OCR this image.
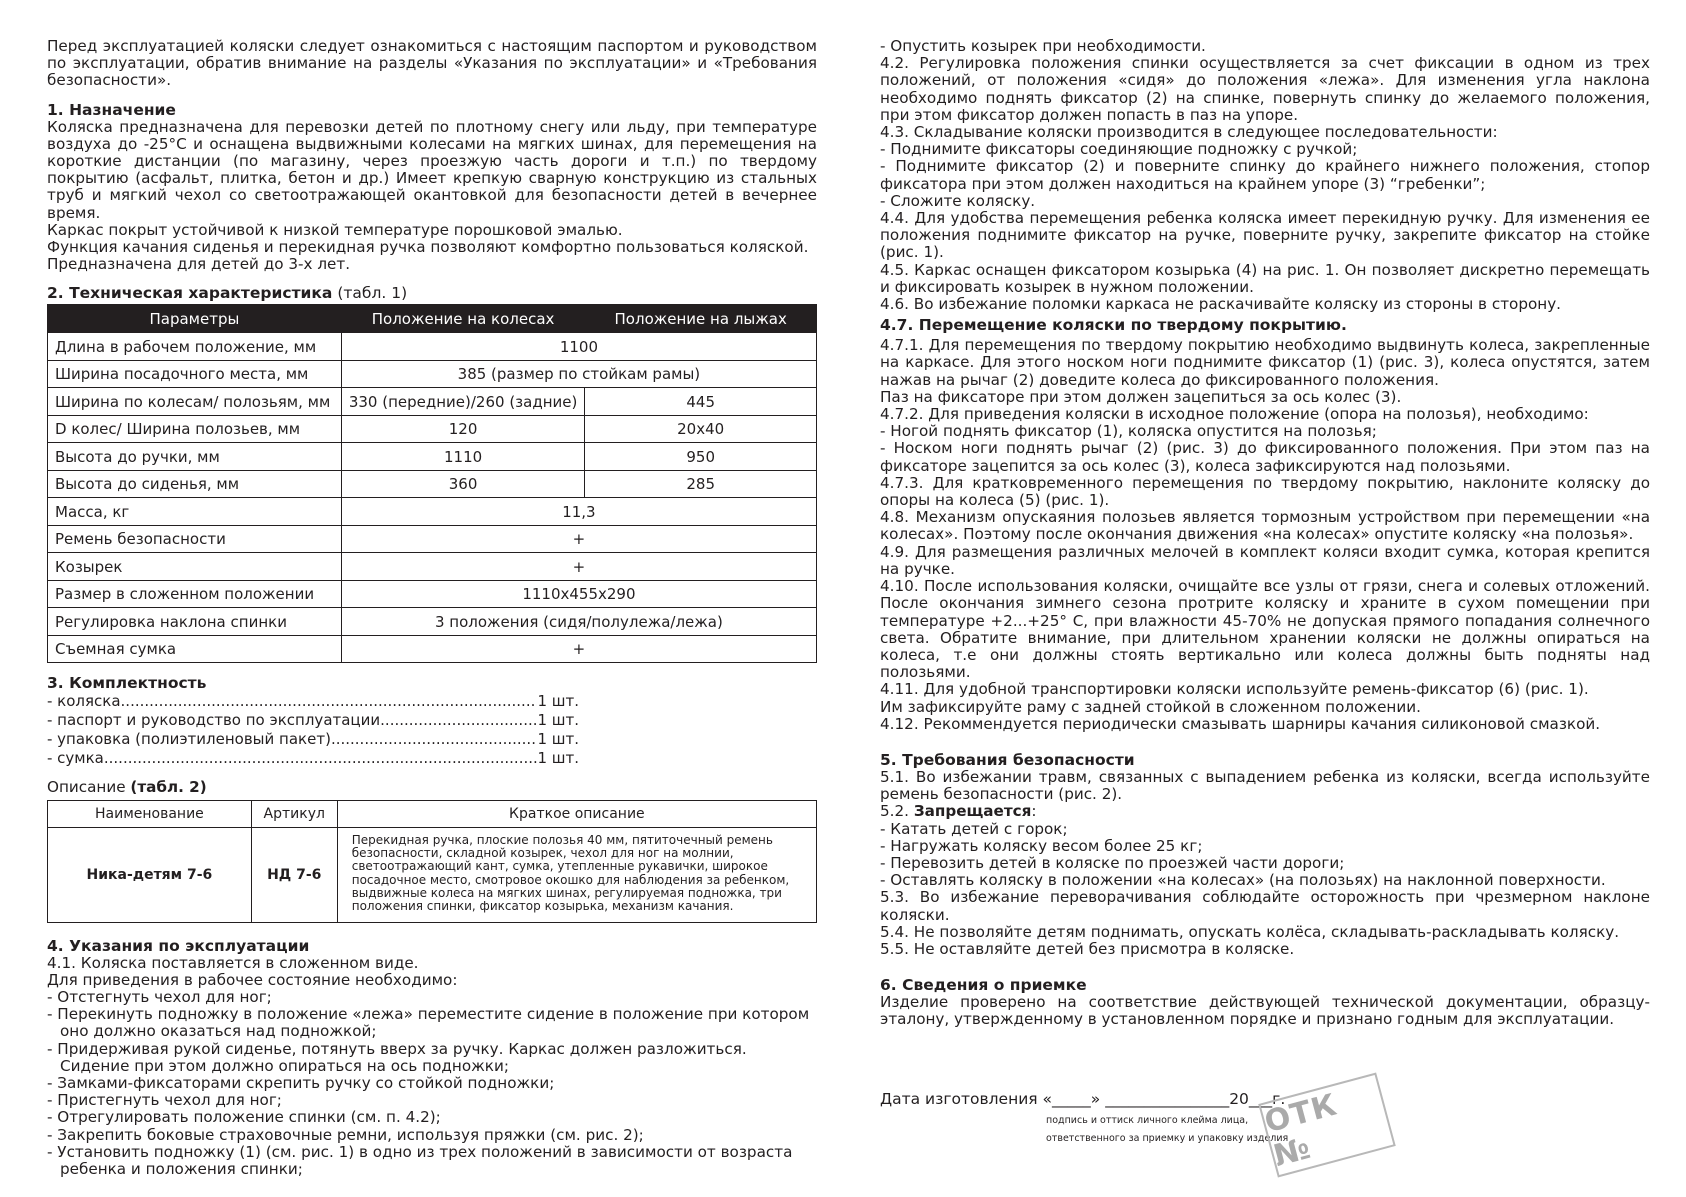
Перед эксплуатацией коляски следует ознакомиться с настоящим паспортом и руководством по эксплуатации, обратив внимание на разделы «Указания по эксплуатации» и «Требования безопасности».

1. Назначение

Коляска предназначена для перевозки детей по плотному снегу или льду, при температуре воздуха до -25°С и оснащена выдвижными колесами на мягких шинах, для перемещения на короткие дистанции (по магазину, через проезжую часть дороги и т.п.) по твердому покрытию (асфальт, плитка, бетон и др.) Имеет крепкую сварную конструкцию из стальных труб и мягкий чехол со светоотражающей окантовкой для безопасности детей в вечернее время.

Каркас покрыт устойчивой к низкой температуре порошковой эмалью.

Функция качания сиденья и перекидная ручка позволяют комфортно пользоваться коляской.

Предназначена для детей до 3-х лет.

2. Техническая характеристика (табл. 1)
Параметры	Положение на колесах	Положение на лыжах
Длина в рабочем положение, мм	1100	
Ширина посадочного места, мм	385 (размер по стойкам рамы)	
Ширина по колесам/ полозьям, мм	330 (передние)/260 (задние)	445
D колес/ Ширина полозьев, мм	120	20х40
Высота до ручки, мм	1110	950
Высота до сиденья, мм	360	285
Масса, кг	11,3	
Ремень безопасности	+	
Козырек	+	
Размер в сложенном положении	1110х455х290	
Регулировка наклона спинки	3 положения (сидя/полулежа/лежа)	
Съемная сумка	+	
3. Комплектность
- коляска .....	1 шт.
- паспорт и руководство по эксплуатации .....	1 шт.
- упаковка (полиэтиленовый пакет) .....	1 шт.
- сумка .....	1 шт.

Описание (табл. 2)

Наименование	Артикул	Краткое описание
Ника-детям 7-6	НД 7-6	Перекидная ручка, плоские полозья 40 мм, пятиточечный ремень безопасности, складной козырек, чехол для ног на молнии, светоотражающий кант, сумка, утепленные рукавички, широкое посадочное место, смотровое окошко для наблюдения за ребенком, выдвижные колеса на мягких шинах, регулируемая подножка, три положения спинки, фиксатор козырька, механизм качания.
4. Указания по эксплуатации

4.1. Коляска поставляется в сложенном виде.

Для приведения в рабочее состояние необходимо:

- Отстегнуть чехол для ног;

- Перекинуть подножку в положение «лежа» переместите сидение в положение при котором оно должно оказаться над подножкой;

- Придерживая рукой сиденье, потянуть вверх за ручку. Каркас должен разложиться. Сидение при этом должно опираться на ось подножки;

- Замками-фиксаторами скрепить ручку со стойкой подножки;

- Пристегнуть чехол для ног;

- Отрегулировать положение спинки (см. п. 4.2);

- Закрепить боковые страховочные ремни, используя пряжки (см. рис. 2);

- Установить подножку (1) (см. рис. 1) в одно из трех положений в зависимости от возраста ребенка и положения спинки;

- Опустить козырек при необходимости.

4.2. Регулировка положения спинки осуществляется за счет фиксации в одном из трех положений, от положения «сидя» до положения «лежа». Для изменения угла наклона необходимо поднять фиксатор (2) на спинке, повернуть спинку до желаемого положения, при этом фиксатор должен попасть в паз на упоре.

4.3. Складывание коляски производится в следующее последовательности:

- Поднимите фиксаторы соединяющие подножку с ручкой;

- Поднимите фиксатор (2) и поверните спинку до крайнего нижнего положения, стопор фиксатора при этом должен находиться на крайнем упоре (3) “гребенки”;

- Сложите коляску.

4.4. Для удобства перемещения ребенка коляска имеет перекидную ручку. Для изменения ее положения поднимите фиксатор на ручке, поверните ручку, закрепите фиксатор на стойке (рис. 1).

4.5. Каркас оснащен фиксатором козырька (4) на рис. 1. Он позволяет дискретно перемещать и фиксировать козырек в нужном положении.

4.6. Во избежание поломки каркаса не раскачивайте коляску из стороны в сторону.

4.7. Перемещение коляски по твердому покрытию.

4.7.1. Для перемещения по твердому покрытию необходимо выдвинуть колеса, закрепленные на каркасе. Для этого носком ноги поднимите фиксатор (1) (рис. 3), колеса опустятся, затем нажав на рычаг (2) доведите колеса до фиксированного положения.

Паз на фиксаторе при этом должен зацепиться за ось колес (3).

4.7.2. Для приведения коляски в исходное положение (опора на полозья), необходимо:

- Ногой поднять фиксатор (1), коляска опустится на полозья;

- Носком ноги поднять рычаг (2) (рис. 3) до фиксированного положения. При этом паз на фиксаторе зацепится за ось колес (3), колеса зафиксируются над полозьями.

4.7.3. Для кратковременного перемещения по твердому покрытию, наклоните коляску до опоры на колеса (5) (рис. 1).

4.8. Механизм опускаяния полозьев является тормозным устройством при перемещении «на колесах». Поэтому после окончания движения «на колесах» опустите коляску «на полозья».

4.9. Для размещения различных мелочей в комплект коляси входит сумка, которая крепится на ручке.

4.10. После использования коляски, очищайте все узлы от грязи, снега и солевых отложений. После окончания зимнего сезона протрите коляску и храните в сухом помещении при температуре +2...+25° С, при влажности 45-70% не допуская прямого попадания солнечного света. Обратите внимание, при длительном хранении коляски не должны опираться на колеса, т.е они должны стоять вертикально или колеса должны быть подняты над полозьями.

4.11. Для удобной транспортировки коляски используйте ремень-фиксатор (6) (рис. 1).

Им зафиксируйте раму с задней стойкой в сложенном положении.

4.12. Рекоммендуется периодически смазывать шарниры качания силиконовой смазкой.

5. Требования безопасности

5.1. Во избежании травм, связанных с выпадением ребенка из коляски, всегда используйте ремень безопасности (рис. 2).

5.2. Запрещается:

- Катать детей с горок;

- Нагружать коляску весом более 25 кг;

- Перевозить детей в коляске по проезжей части дороги;

- Оставлять коляску в положении «на колесах» (на полозьях) на наклонной поверхности.

5.3. Во избежание переворачивания соблюдайте осторожность при чрезмерном наклоне коляски.

5.4. Не позволяйте детям поднимать, опускать колёса, складывать-раскладывать коляску.

5.5. Не оставляйте детей без присмотра в коляске.

6. Сведения о приемке

Изделие проверено на соответствие действующей технической документации, образцу-эталону, утвержденному в установленном порядке и признано годным для эксплуатации.

Дата изготовления «_____» ________________20___г.
подпись и оттиск личного клейма лица,
ответственного за приемку и упаковку изделия
ОТК №
